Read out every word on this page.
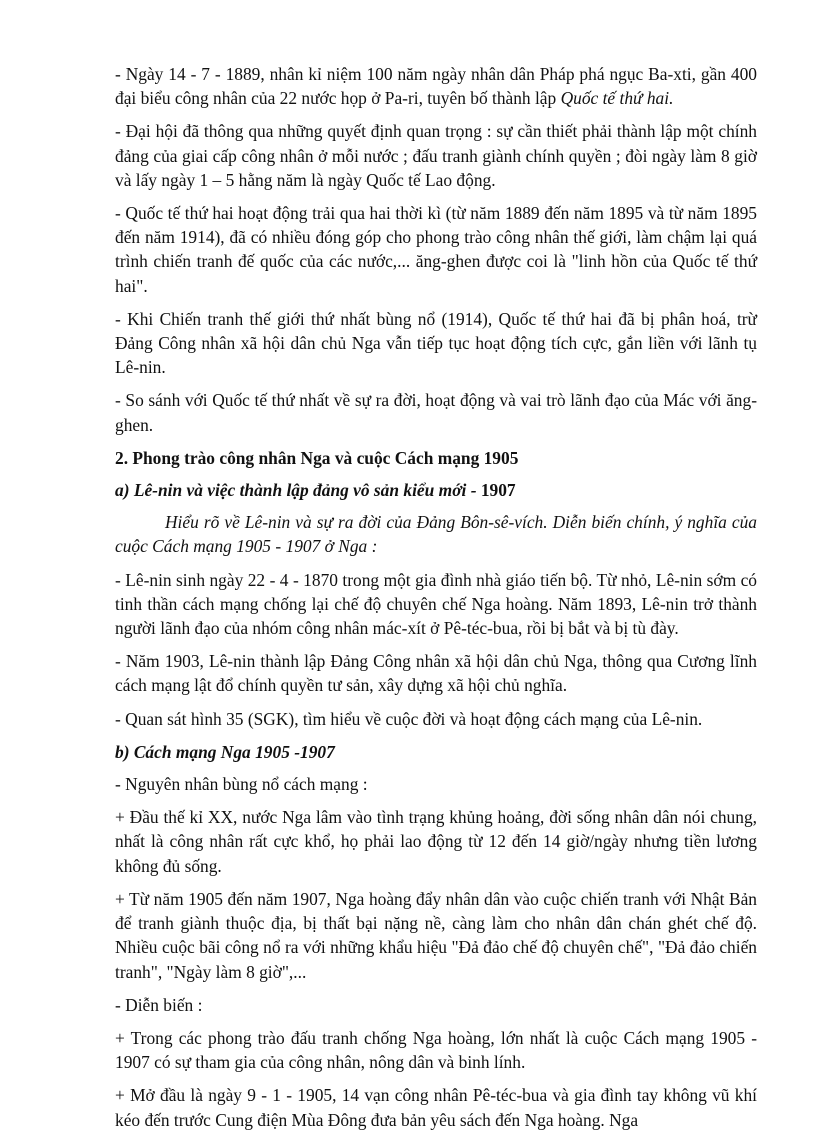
- Ngày 14 - 7 - 1889, nhân kỉ niệm 100 năm ngày nhân dân Pháp phá ngục Ba-xti, gần 400 đại biểu công nhân của 22 nước họp ở Pa-ri, tuyên bố thành lập Quốc tế thứ hai.

- Đại hội đã thông qua những quyết định quan trọng : sự cần thiết phải thành lập một chính đảng của giai cấp công nhân ở mỗi nước ; đấu tranh giành chính quyền ; đòi ngày làm 8 giờ và lấy ngày 1 – 5 hằng năm là ngày Quốc tế Lao động.

- Quốc tế thứ hai hoạt động trải qua hai thời kì (từ năm 1889 đến năm 1895 và từ năm 1895 đến năm 1914), đã có nhiều đóng góp cho phong trào công nhân thế giới, làm chậm lại quá trình chiến tranh đế quốc của các nước,... ăng-ghen được coi là "linh hồn của Quốc tế thứ hai".

- Khi Chiến tranh thế giới thứ nhất bùng nổ (1914), Quốc tế thứ hai đã bị phân hoá, trừ Đảng Công nhân xã hội dân chủ Nga vẫn tiếp tục hoạt động tích cực, gắn liền với lãnh tụ Lê-nin.

- So sánh với Quốc tế thứ nhất về sự ra đời, hoạt động và vai trò lãnh đạo của Mác với ăng-ghen.

2. Phong trào công nhân Nga và cuộc Cách mạng 1905

a) Lê-nin và việc thành lập đảng vô sản kiểu mới - 1907

Hiểu rõ về Lê-nin và sự ra đời của Đảng Bôn-sê-vích. Diễn biến chính, ý nghĩa của cuộc Cách mạng 1905 - 1907 ở Nga :

- Lê-nin sinh ngày 22 - 4 - 1870 trong một gia đình nhà giáo tiến bộ. Từ nhỏ, Lê-nin sớm có tinh thần cách mạng chống lại chế độ chuyên chế Nga hoàng. Năm 1893, Lê-nin trở thành người lãnh đạo của nhóm công nhân mác-xít ở Pê-téc-bua, rồi bị bắt và bị tù đày.

- Năm 1903, Lê-nin thành lập Đảng Công nhân xã hội dân chủ Nga, thông qua Cương lĩnh cách mạng lật đổ chính quyền tư sản, xây dựng xã hội chủ nghĩa.

- Quan sát hình 35 (SGK), tìm hiểu về cuộc đời và hoạt động cách mạng của Lê-nin.

b) Cách mạng Nga 1905 -1907

- Nguyên nhân bùng nổ cách mạng :

+ Đầu thế kỉ XX, nước Nga lâm vào tình trạng khủng hoảng, đời sống nhân dân nói chung, nhất là công nhân rất cực khổ, họ phải lao động từ 12 đến 14 giờ/ngày nhưng tiền lương không đủ sống.

+ Từ năm 1905 đến năm 1907, Nga hoàng đẩy nhân dân vào cuộc chiến tranh với Nhật Bản để tranh giành thuộc địa, bị thất bại nặng nề, càng làm cho nhân dân chán ghét chế độ. Nhiều cuộc bãi công nổ ra với những khẩu hiệu "Đả đảo chế độ chuyên chế", "Đả đảo chiến tranh", "Ngày làm 8 giờ",...

- Diễn biến :

+ Trong các phong trào đấu tranh chống Nga hoàng, lớn nhất là cuộc Cách mạng 1905 - 1907 có sự tham gia của công nhân, nông dân và binh lính.

+ Mở đầu là ngày 9 - 1 - 1905, 14 vạn công nhân Pê-téc-bua và gia đình tay không vũ khí kéo đến trước Cung điện Mùa Đông đưa bản yêu sách đến Nga hoàng. Nga
